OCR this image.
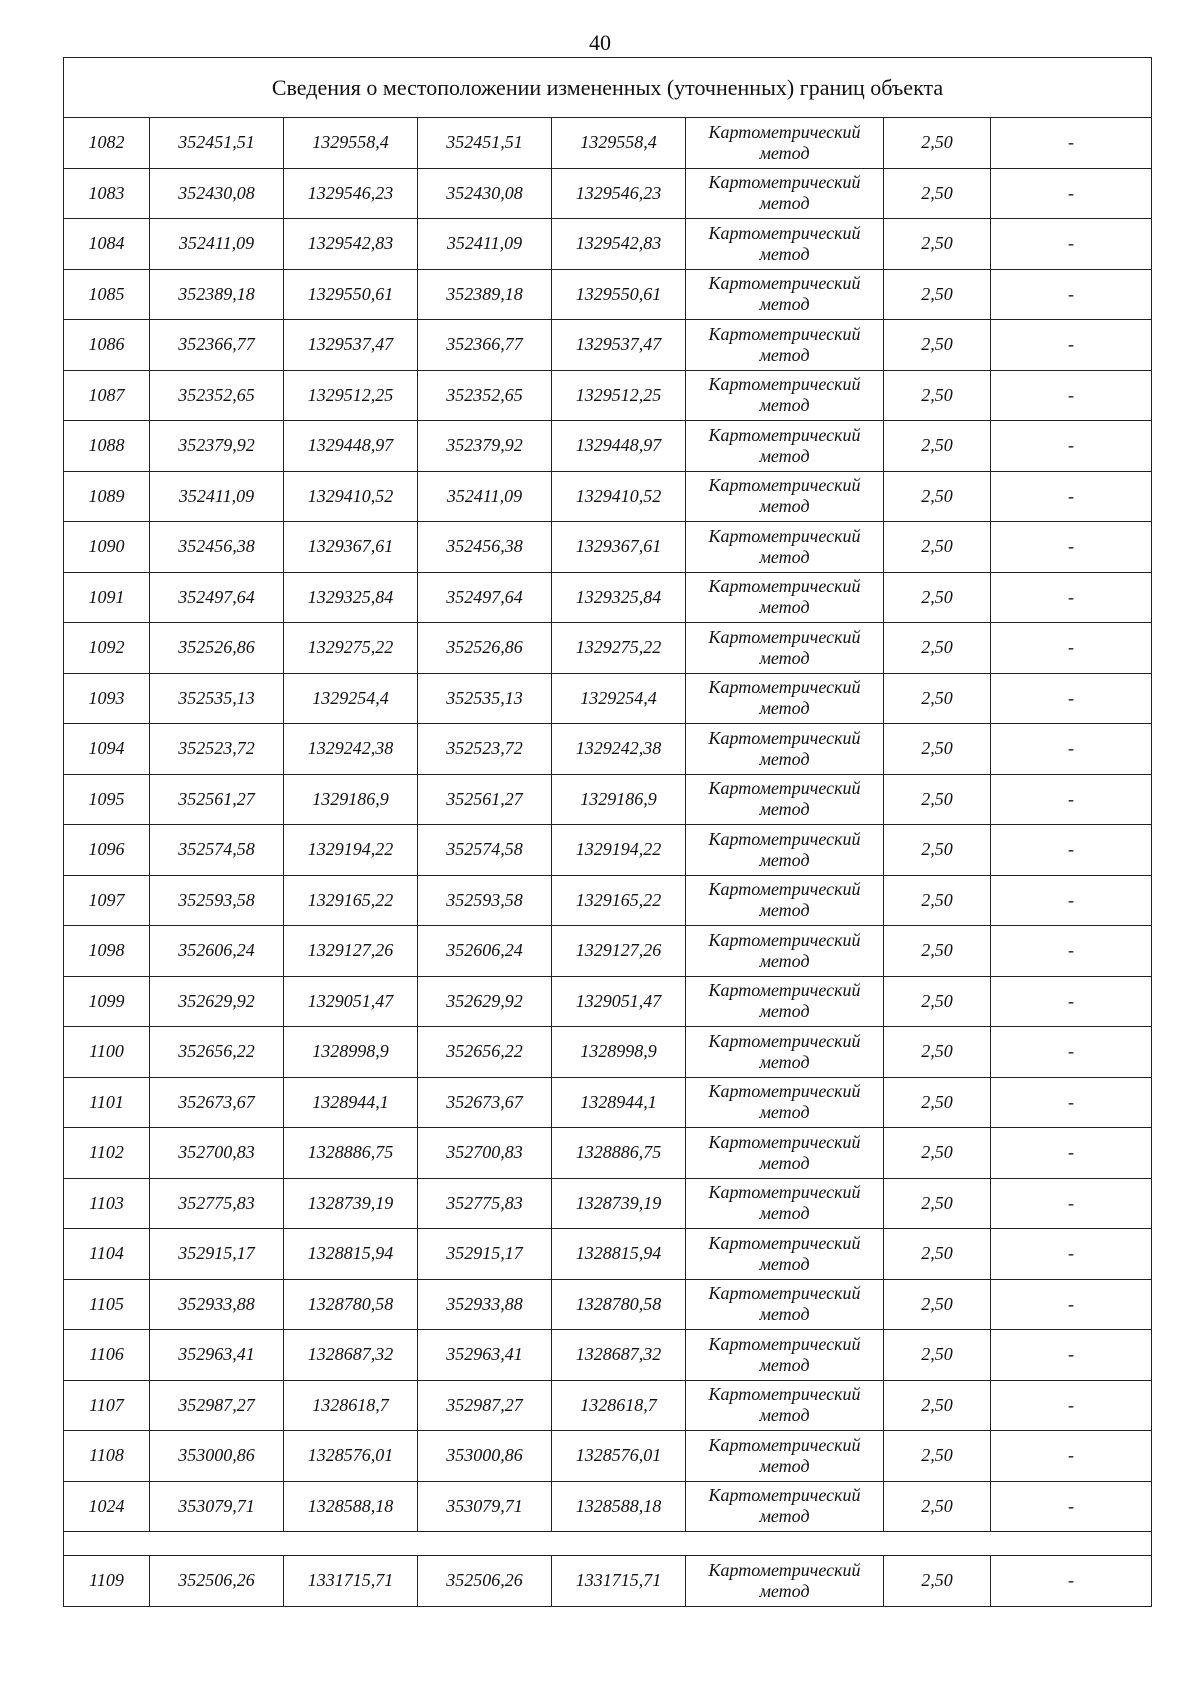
40
Сведения о местоположении измененных (уточненных) границ объекта							
1082	352451,51	1329558,4	352451,51	1329558,4	Картометрический
метод	2,50	-
1083	352430,08	1329546,23	352430,08	1329546,23	Картометрический
метод	2,50	-
1084	352411,09	1329542,83	352411,09	1329542,83	Картометрический
метод	2,50	-
1085	352389,18	1329550,61	352389,18	1329550,61	Картометрический
метод	2,50	-
1086	352366,77	1329537,47	352366,77	1329537,47	Картометрический
метод	2,50	-
1087	352352,65	1329512,25	352352,65	1329512,25	Картометрический
метод	2,50	-
1088	352379,92	1329448,97	352379,92	1329448,97	Картометрический
метод	2,50	-
1089	352411,09	1329410,52	352411,09	1329410,52	Картометрический
метод	2,50	-
1090	352456,38	1329367,61	352456,38	1329367,61	Картометрический
метод	2,50	-
1091	352497,64	1329325,84	352497,64	1329325,84	Картометрический
метод	2,50	-
1092	352526,86	1329275,22	352526,86	1329275,22	Картометрический
метод	2,50	-
1093	352535,13	1329254,4	352535,13	1329254,4	Картометрический
метод	2,50	-
1094	352523,72	1329242,38	352523,72	1329242,38	Картометрический
метод	2,50	-
1095	352561,27	1329186,9	352561,27	1329186,9	Картометрический
метод	2,50	-
1096	352574,58	1329194,22	352574,58	1329194,22	Картометрический
метод	2,50	-
1097	352593,58	1329165,22	352593,58	1329165,22	Картометрический
метод	2,50	-
1098	352606,24	1329127,26	352606,24	1329127,26	Картометрический
метод	2,50	-
1099	352629,92	1329051,47	352629,92	1329051,47	Картометрический
метод	2,50	-
1100	352656,22	1328998,9	352656,22	1328998,9	Картометрический
метод	2,50	-
1101	352673,67	1328944,1	352673,67	1328944,1	Картометрический
метод	2,50	-
1102	352700,83	1328886,75	352700,83	1328886,75	Картометрический
метод	2,50	-
1103	352775,83	1328739,19	352775,83	1328739,19	Картометрический
метод	2,50	-
1104	352915,17	1328815,94	352915,17	1328815,94	Картометрический
метод	2,50	-
1105	352933,88	1328780,58	352933,88	1328780,58	Картометрический
метод	2,50	-
1106	352963,41	1328687,32	352963,41	1328687,32	Картометрический
метод	2,50	-
1107	352987,27	1328618,7	352987,27	1328618,7	Картометрический
метод	2,50	-
1108	353000,86	1328576,01	353000,86	1328576,01	Картометрический
метод	2,50	-
1024	353079,71	1328588,18	353079,71	1328588,18	Картометрический
метод	2,50	-

1109	352506,26	1331715,71	352506,26	1331715,71	Картометрический
метод	2,50	-
